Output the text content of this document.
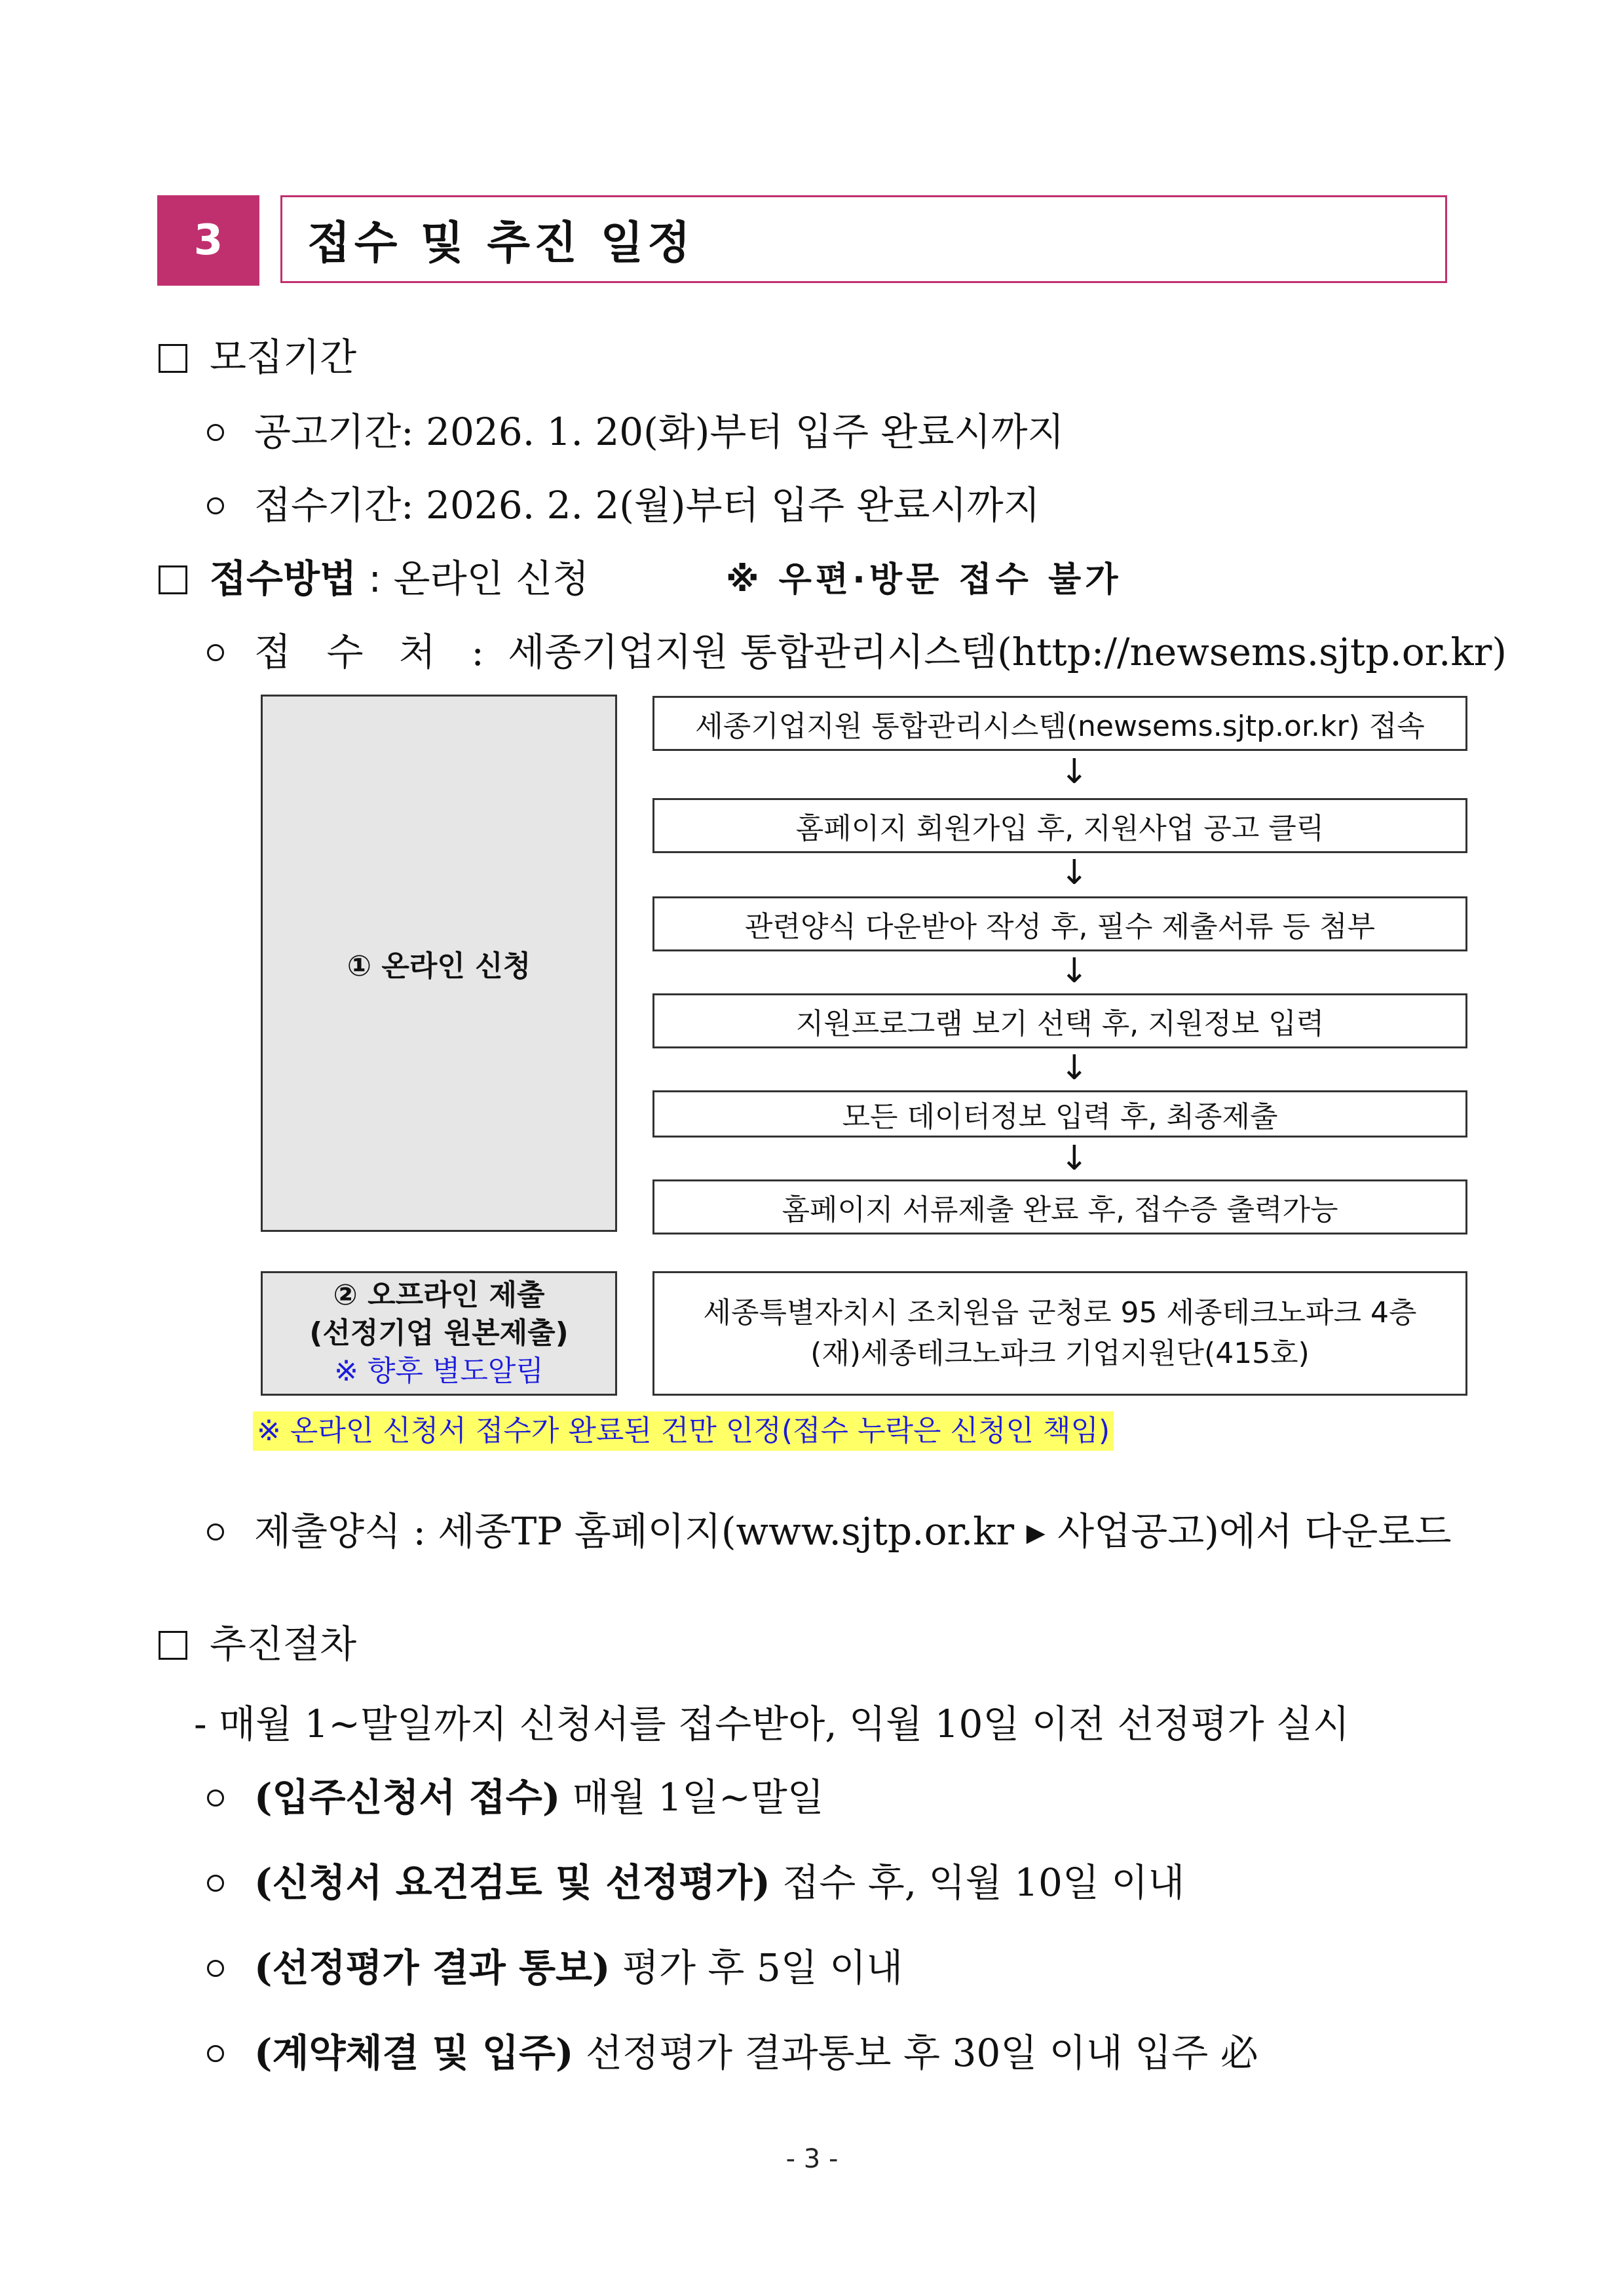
3	접수 및 추진 일정
모집기간
공고기간: 2026. 1. 20(화)부터 입주 완료시까지
접수기간: 2026. 2. 2(월)부터 입주 완료시까지
접수방법 : 온라인 신청	※ 우편·방문 접수 불가
접 수 처 : 세종기업지원 통합관리시스템(http://newsems.sjtp.or.kr)
① 온라인 신청
세종기업지원 통합관리시스템(newsems.sjtp.or.kr) 접속
↓
홈페이지 회원가입 후, 지원사업 공고 클릭
↓
관련양식 다운받아 작성 후, 필수 제출서류 등 첨부
↓
지원프로그램 보기 선택 후, 지원정보 입력
↓
모든 데이터정보 입력 후, 최종제출
↓
홈페이지 서류제출 완료 후, 접수증 출력가능
② 오프라인 제출
(선정기업 원본제출)
※ 향후 별도알림
세종특별자치시 조치원읍 군청로 95 세종테크노파크 4층
(재)세종테크노파크 기업지원단(415호)
※ 온라인 신청서 접수가 완료된 건만 인정(접수 누락은 신청인 책임)
제출양식 : 세종TP 홈페이지(www.sjtp.or.kr ▸ 사업공고)에서 다운로드
추진절차
- 매월 1~말일까지 신청서를 접수받아, 익월 10일 이전 선정평가 실시
(입주신청서 접수) 매월 1일~말일
(신청서 요건검토 및 선정평가) 접수 후, 익월 10일 이내
(선정평가 결과 통보) 평가 후 5일 이내
(계약체결 및 입주) 선정평가 결과통보 후 30일 이내 입주 必
- 3 -
